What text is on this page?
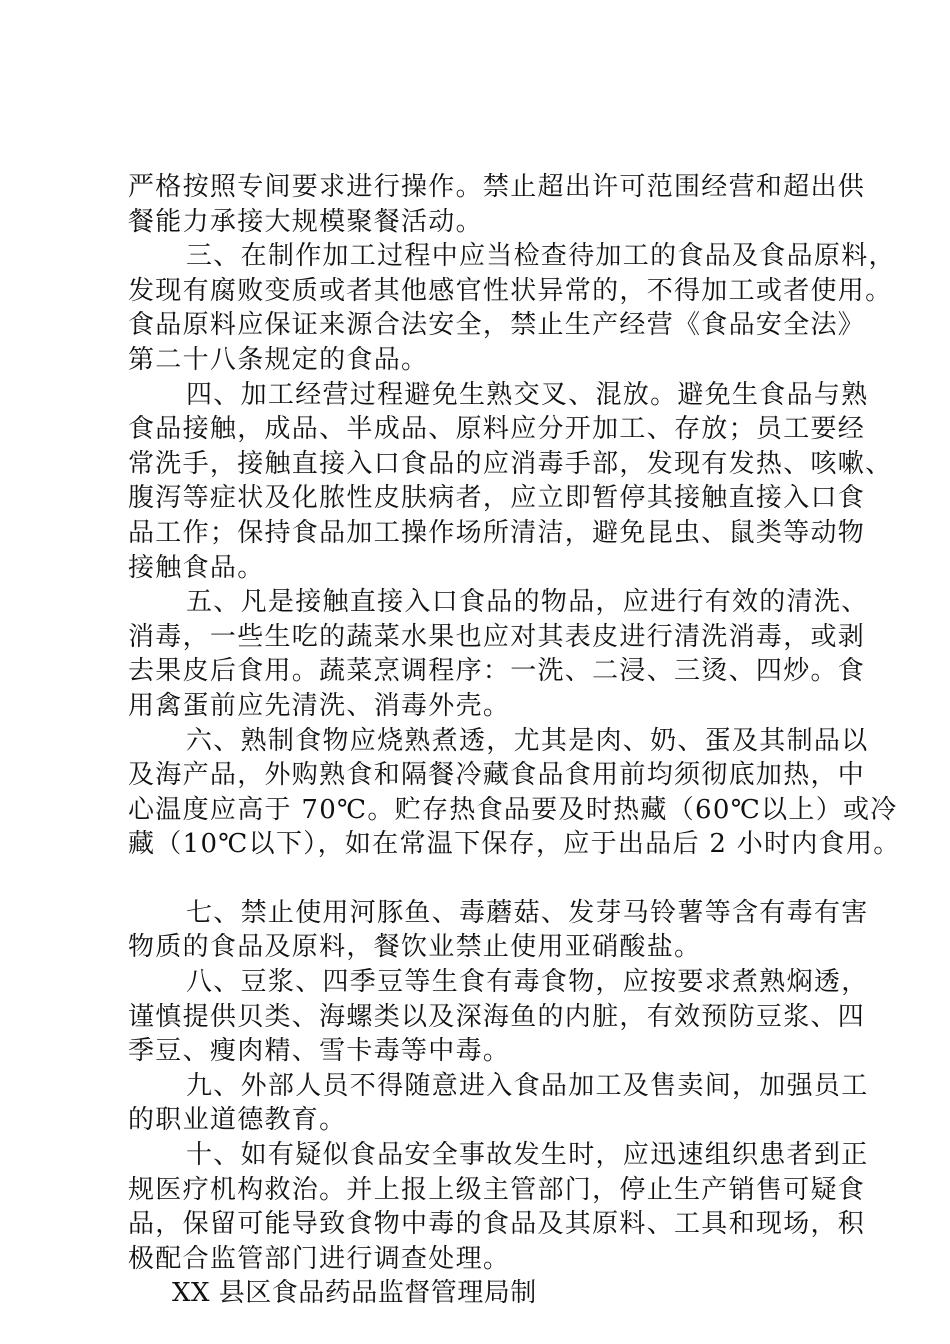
严格按照专间要求进行操作。禁止超出许可范围经营和超出供
餐能力承接大规模聚餐活动。
三、在制作加工过程中应当检查待加工的食品及食品原料，
发现有腐败变质或者其他感官性状异常的，不得加工或者使用。
食品原料应保证来源合法安全，禁止生产经营《食品安全法》
第二十八条规定的食品。
四、加工经营过程避免生熟交叉、混放。避免生食品与熟
食品接触，成品、半成品、原料应分开加工、存放；员工要经
常洗手，接触直接入口食品的应消毒手部，发现有发热、咳嗽、
腹泻等症状及化脓性皮肤病者，应立即暂停其接触直接入口食
品工作；保持食品加工操作场所清洁，避免昆虫、鼠类等动物
接触食品。
五、凡是接触直接入口食品的物品，应进行有效的清洗、
消毒，一些生吃的蔬菜水果也应对其表皮进行清洗消毒，或剥
去果皮后食用。蔬菜烹调程序：一洗、二浸、三烫、四炒。食
用禽蛋前应先清洗、消毒外壳。
六、熟制食物应烧熟煮透，尤其是肉、奶、蛋及其制品以
及海产品，外购熟食和隔餐冷藏食品食用前均须彻底加热，中
心温度应高于 70℃。贮存热食品要及时热藏（60℃以上）或冷
藏（10℃以下），如在常温下保存，应于出品后 2 小时内食用。
七、禁止使用河豚鱼、毒蘑菇、发芽马铃薯等含有毒有害
物质的食品及原料，餐饮业禁止使用亚硝酸盐。
八、豆浆、四季豆等生食有毒食物，应按要求煮熟焖透，
谨慎提供贝类、海螺类以及深海鱼的内脏，有效预防豆浆、四
季豆、瘦肉精、雪卡毒等中毒。
九、外部人员不得随意进入食品加工及售卖间，加强员工
的职业道德教育。
十、如有疑似食品安全事故发生时，应迅速组织患者到正
规医疗机构救治。并上报上级主管部门，停止生产销售可疑食
品，保留可能导致食物中毒的食品及其原料、工具和现场，积
极配合监管部门进行调查处理。
XX 县区食品药品监督管理局制
